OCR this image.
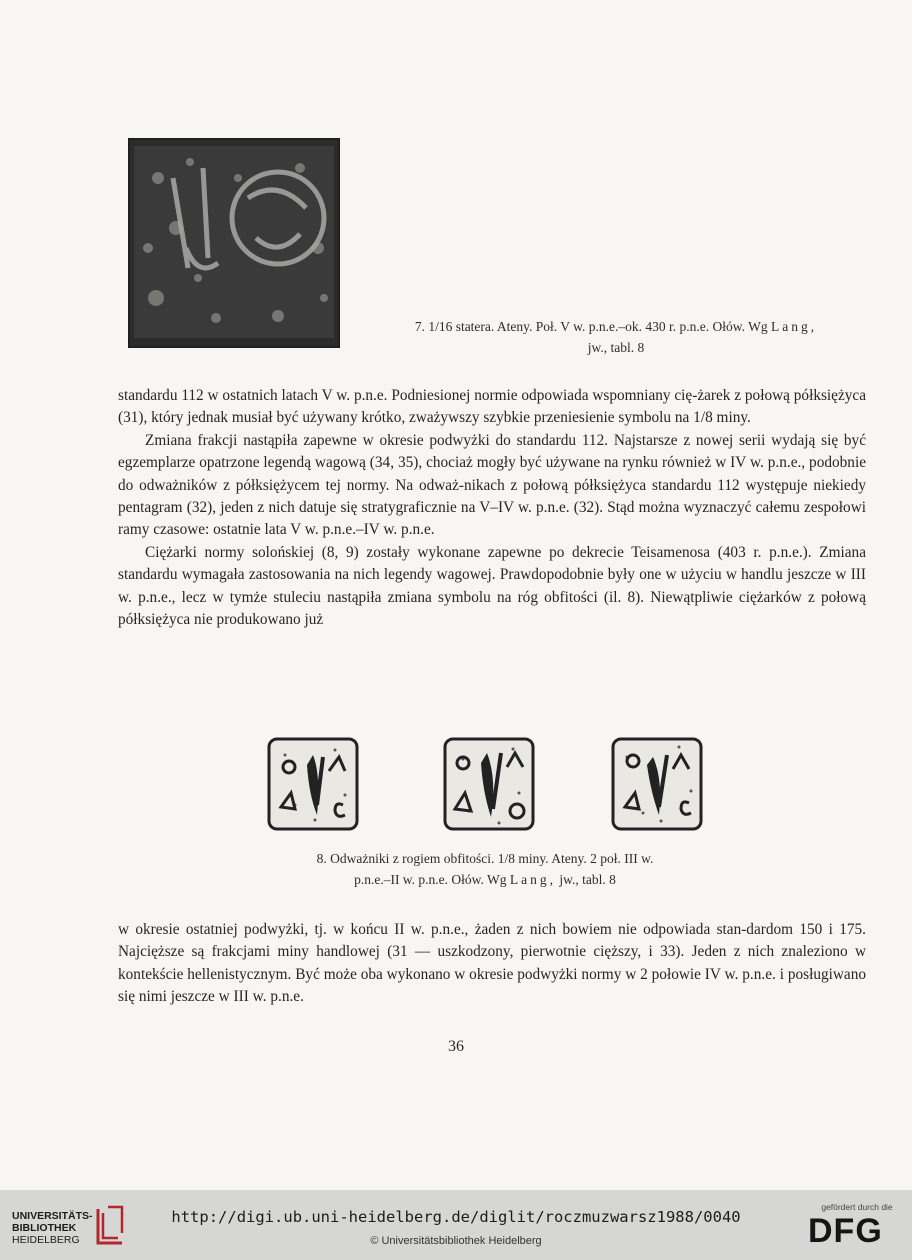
7. 1/16 statera. Ateny. Poł. V w. p.n.e.–ok. 430 r. p.n.e. Ołów. Wg Lang,
jw., tabl. 8

standardu 112 w ostatnich latach V w. p.n.e. Podniesionej normie odpowiada wspomniany cię-żarek z połową półksiężyca (31), który jednak musiał być używany krótko, zważywszy szybkie przeniesienie symbolu na 1/8 miny.

Zmiana frakcji nastąpiła zapewne w okresie podwyżki do standardu 112. Najstarsze z nowej serii wydają się być egzemplarze opatrzone legendą wagową (34, 35), chociaż mogły być używane na rynku również w IV w. p.n.e., podobnie do odważników z półksiężycem tej normy. Na odważ-nikach z połową półksiężyca standardu 112 występuje niekiedy pentagram (32), jeden z nich datuje się stratygraficznie na V–IV w. p.n.e. (32). Stąd można wyznaczyć całemu zespołowi ramy czasowe: ostatnie lata V w. p.n.e.–IV w. p.n.e.

Ciężarki normy solońskiej (8, 9) zostały wykonane zapewne po dekrecie Teisamenosa (403 r. p.n.e.). Zmiana standardu wymagała zastosowania na nich legendy wagowej. Prawdopodobnie były one w użyciu w handlu jeszcze w III w. p.n.e., lecz w tymże stuleciu nastąpiła zmiana symbolu na róg obfitości (il. 8). Niewątpliwie ciężarków z połową półksiężyca nie produkowano już

8. Odważniki z rogiem obfitości. 1/8 miny. Ateny. 2 poł. III w.
p.n.e.–II w. p.n.e. Ołów. Wg Lang, jw., tabl. 8

w okresie ostatniej podwyżki, tj. w końcu II w. p.n.e., żaden z nich bowiem nie odpowiada stan-dardom 150 i 175. Najcięższe są frakcjami miny handlowej (31 — uszkodzony, pierwotnie cięższy, i 33). Jeden z nich znaleziono w kontekście hellenistycznym. Być może oba wykonano w okresie podwyżki normy w 2 połowie IV w. p.n.e. i posługiwano się nimi jeszcze w III w. p.n.e.

36
UNIVERSITÄTS-
BIBLIOTHEK
HEIDELBERG
http://digi.ub.uni-heidelberg.de/diglit/roczmuzwarsz1988/0040
© Universitätsbibliothek Heidelberg
gefördert durch die
DFG
